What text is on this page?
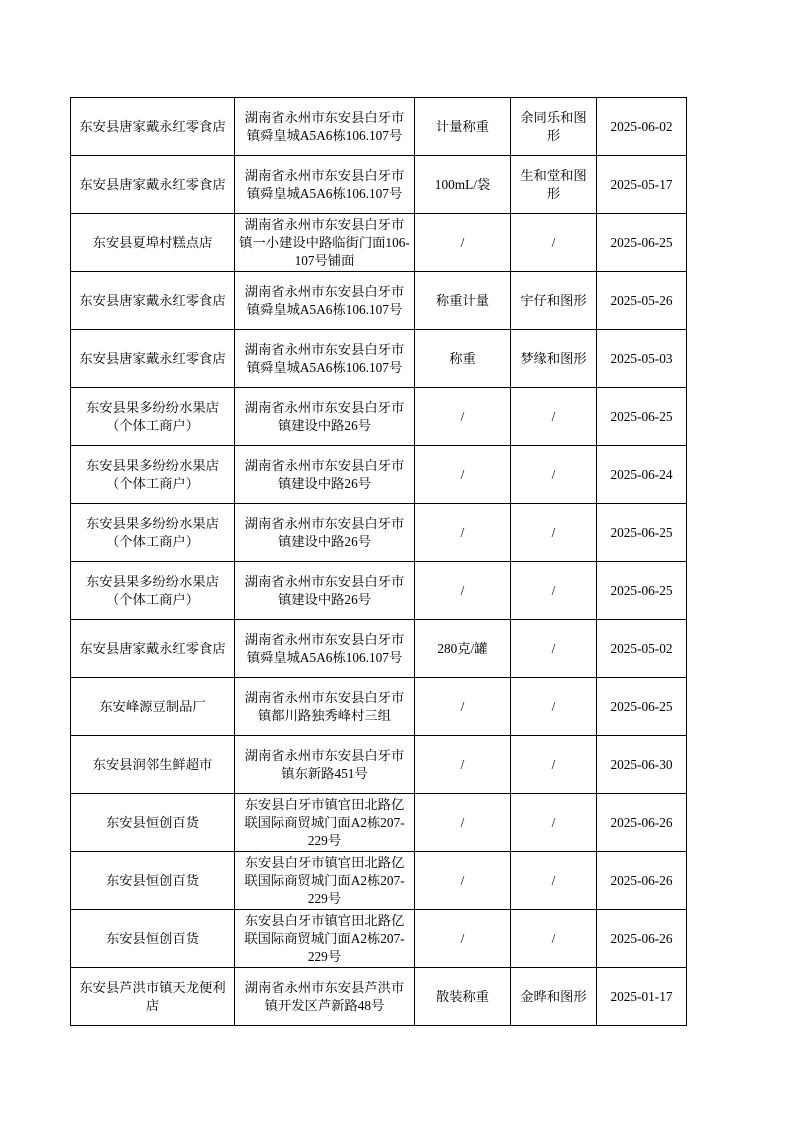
东安县唐家戴永红零食店	湖南省永州市东安县白牙市镇舜皇城A5A6栋106.107号	计量称重	余同乐和图形	2025-06-02
东安县唐家戴永红零食店	湖南省永州市东安县白牙市镇舜皇城A5A6栋106.107号	100mL/袋	生和堂和图形	2025-05-17
东安县夏埠村糕点店	湖南省永州市东安县白牙市镇一小建设中路临街门面106-107号铺面	/	/	2025-06-25
东安县唐家戴永红零食店	湖南省永州市东安县白牙市镇舜皇城A5A6栋106.107号	称重计量	宇仔和图形	2025-05-26
东安县唐家戴永红零食店	湖南省永州市东安县白牙市镇舜皇城A5A6栋106.107号	称重	梦缘和图形	2025-05-03
东安县果多纷纷水果店（个体工商户）	湖南省永州市东安县白牙市镇建设中路26号	/	/	2025-06-25
东安县果多纷纷水果店（个体工商户）	湖南省永州市东安县白牙市镇建设中路26号	/	/	2025-06-24
东安县果多纷纷水果店（个体工商户）	湖南省永州市东安县白牙市镇建设中路26号	/	/	2025-06-25
东安县果多纷纷水果店（个体工商户）	湖南省永州市东安县白牙市镇建设中路26号	/	/	2025-06-25
东安县唐家戴永红零食店	湖南省永州市东安县白牙市镇舜皇城A5A6栋106.107号	280克/罐	/	2025-05-02
东安峰源豆制品厂	湖南省永州市东安县白牙市镇都川路独秀峰村三组	/	/	2025-06-25
东安县润邻生鲜超市	湖南省永州市东安县白牙市镇东新路451号	/	/	2025-06-30
东安县恒创百货	东安县白牙市镇官田北路亿联国际商贸城门面A2栋207-229号	/	/	2025-06-26
东安县恒创百货	东安县白牙市镇官田北路亿联国际商贸城门面A2栋207-229号	/	/	2025-06-26
东安县恒创百货	东安县白牙市镇官田北路亿联国际商贸城门面A2栋207-229号	/	/	2025-06-26
东安县芦洪市镇天龙便利店	湖南省永州市东安县芦洪市镇开发区芦新路48号	散装称重	金晔和图形	2025-01-17
